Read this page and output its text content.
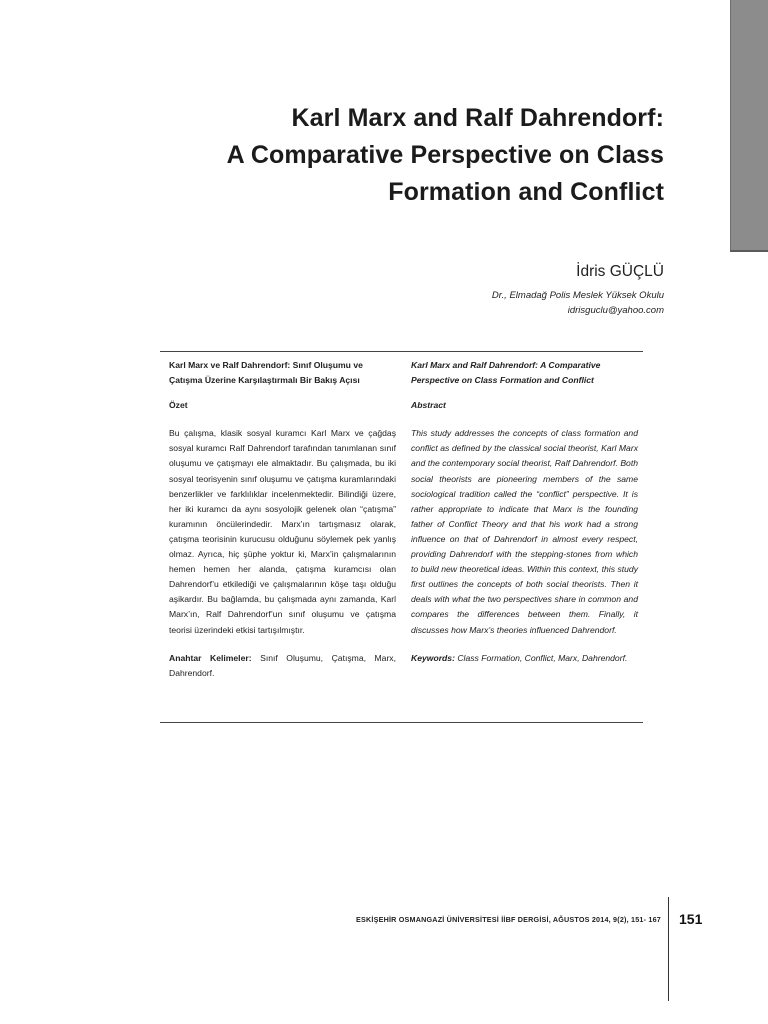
Karl Marx and Ralf Dahrendorf:
A Comparative Perspective on Class
Formation and Conflict
İdris GÜÇLÜ
Dr., Elmadağ Polis Meslek Yüksek Okulu
idrisguclu@yahoo.com
Karl Marx ve Ralf Dahrendorf: Sınıf Oluşumu ve Çatışma Üzerine Karşılaştırmalı Bir Bakış Açısı
Özet
Bu çalışma, klasik sosyal kuramcı Karl Marx ve çağdaş sosyal kuramcı Ralf Dahrendorf tarafından tanımlanan sınıf oluşumu ve çatışmayı ele almaktadır. Bu çalışmada, bu iki sosyal teorisyenin sınıf oluşumu ve çatışma kuramlarındaki benzerlikler ve farklılıklar incelenmektedir. Bilindiği üzere, her iki kuramcı da aynı sosyolojik gelenek olan “çatışma” kuramının öncülerindedir. Marx’ın tartışmasız olarak, çatışma teorisinin kurucusu olduğunu söylemek pek yanlış olmaz. Ayrıca, hiç şüphe yoktur ki, Marx’in çalışmalarının hemen hemen her alanda, çatışma kuramcısı olan Dahrendorf’u etkilediği ve çalışmalarının köşe taşı olduğu aşikardır. Bu bağlamda, bu çalışmada aynı zamanda, Karl Marx’ın, Ralf Dahrendorf’un sınıf oluşumu ve çatışma teorisi üzerindeki etkisi tartışılmıştır.
Anahtar Kelimeler: Sınıf Oluşumu, Çatışma, Marx, Dahrendorf.
Karl Marx and Ralf Dahrendorf: A Comparative Perspective on Class Formation and Conflict
Abstract
This study addresses the concepts of class formation and conflict as defined by the classical social theorist, Karl Marx and the contemporary social theorist, Ralf Dahrendorf. Both social theorists are pioneering members of the same sociological tradition called the “conflict” perspective. It is rather appropriate to indicate that Marx is the founding father of Conflict Theory and that his work had a strong influence on that of Dahrendorf in almost every respect, providing Dahrendorf with the stepping-stones from which to build new theoretical ideas. Within this context, this study first outlines the concepts of both social theorists. Then it deals with what the two perspectives share in common and compares the differences between them. Finally, it discusses how Marx’s theories influenced Dahrendorf.
Keywords: Class Formation, Conflict, Marx, Dahrendorf.
ESKİŞEHİR OSMANGAZİ ÜNİVERSİTESİ İİBF DERGİSİ, AĞUSTOS 2014, 9(2), 151- 167 151
